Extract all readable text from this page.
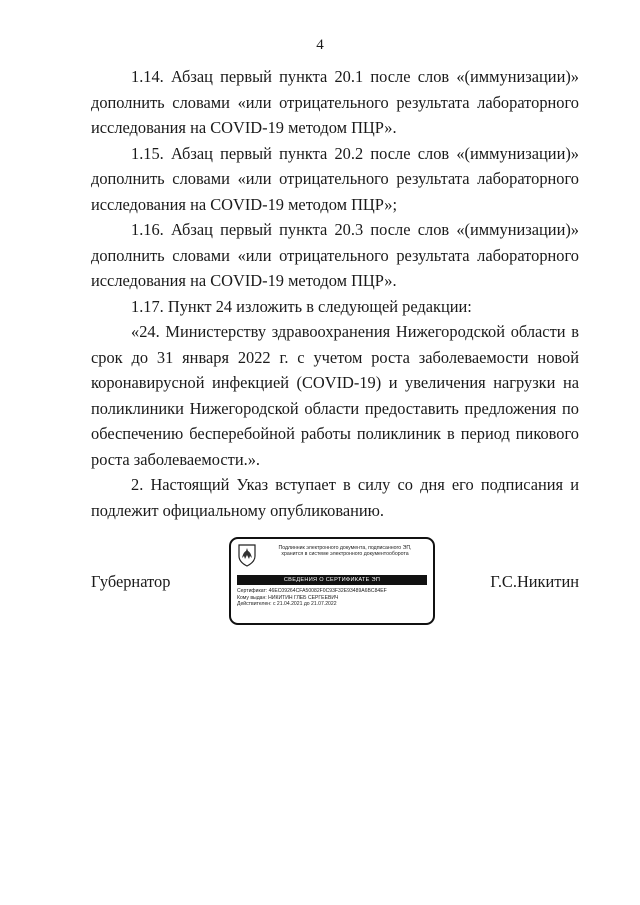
4

1.14. Абзац первый пункта 20.1 после слов «(иммунизации)» дополнить словами «или отрицательного результата лабораторного исследования на COVID-19 методом ПЦР».

1.15. Абзац первый пункта 20.2 после слов «(иммунизации)» дополнить словами «или отрицательного результата лабораторного исследования на COVID-19 методом ПЦР»;

1.16. Абзац первый пункта 20.3 после слов «(иммунизации)» дополнить словами «или отрицательного результата лабораторного исследования на COVID-19 методом ПЦР».

1.17. Пункт 24 изложить в следующей редакции:

«24. Министерству здравоохранения Нижегородской области в срок до 31 января 2022 г. с учетом роста заболеваемости новой коронавирусной инфекцией (COVID-19) и увеличения нагрузки на поликлиники Нижегородской области предоставить предложения по обеспечению бесперебойной работы поликлиник в период пикового роста заболеваемости.».

2. Настоящий Указ вступает в силу со дня его подписания и подлежит официальному опубликованию.

Губернатор	Г.С.Никитин
Подлинник электронного документа, подписанного ЭП,
хранится в системе электронного документооборота
СВЕДЕНИЯ О СЕРТИФИКАТЕ ЭП
Сертификат: 46EC09264CFA50082F0C93F32E93489A6BC84EF
Кому выдан: НИКИТИН ГЛЕБ СЕРГЕЕВИЧ
Действителен: с 21.04.2021 до 21.07.2022
